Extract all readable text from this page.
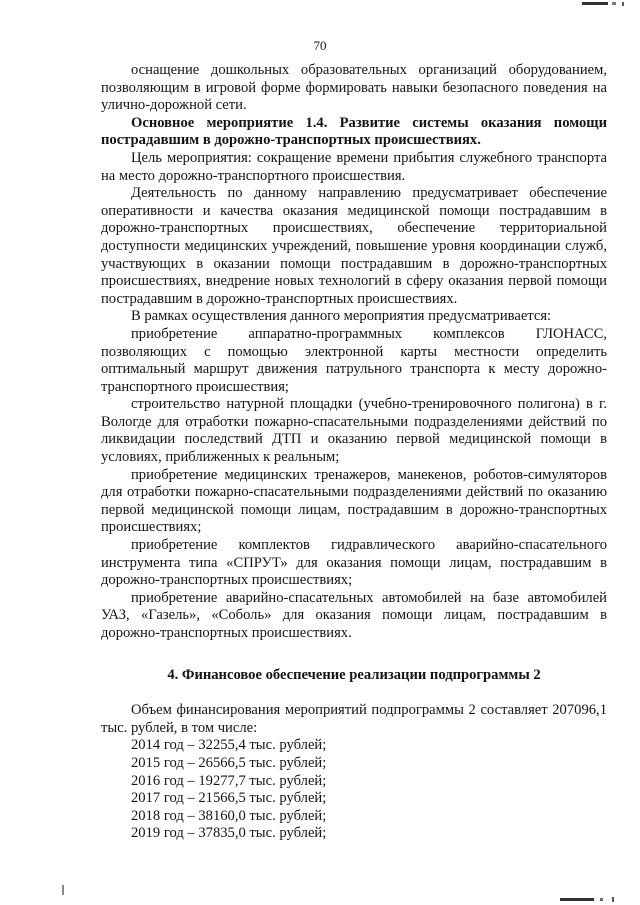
70

оснащение дошкольных образовательных организаций оборудованием, позволяющим в игровой форме формировать навыки безопасного поведения на улично-дорожной сети.

Основное мероприятие 1.4. Развитие системы оказания помощи пострадавшим в дорожно-транспортных происшествиях.

Цель мероприятия: сокращение времени прибытия служебного транспорта на место дорожно-транспортного происшествия.

Деятельность по данному направлению предусматривает обеспечение оперативности и качества оказания медицинской помощи пострадавшим в дорожно-транспортных происшествиях, обеспечение территориальной доступности медицинских учреждений, повышение уровня координации служб, участвующих в оказании помощи пострадавшим в дорожно-транспортных происшествиях, внедрение новых технологий в сферу оказания первой помощи пострадавшим в дорожно-транспортных происшествиях.

В рамках осуществления данного мероприятия предусматривается:

приобретение аппаратно-программных комплексов ГЛОНАСС, позволяющих с помощью электронной карты местности определить оптимальный маршрут движения патрульного транспорта к месту дорожно-транспортного происшествия;

строительство натурной площадки (учебно-тренировочного полигона) в г. Вологде для отработки пожарно-спасательными подразделениями действий по ликвидации последствий ДТП и оказанию первой медицинской помощи в условиях, приближенных к реальным;

приобретение медицинских тренажеров, манекенов, роботов-симуляторов для отработки пожарно-спасательными подразделениями действий по оказанию первой медицинской помощи лицам, пострадавшим в дорожно-транспортных происшествиях;

приобретение комплектов гидравлического аварийно-спасательного инструмента типа «СПРУТ» для оказания помощи лицам, пострадавшим в дорожно-транспортных происшествиях;

приобретение аварийно-спасательных автомобилей на базе автомобилей УАЗ, «Газель», «Соболь» для оказания помощи лицам, пострадавшим в дорожно-транспортных происшествиях.

4. Финансовое обеспечение реализации подпрограммы 2

Объем финансирования мероприятий подпрограммы 2 составляет 207096,1 тыс. рублей, в том числе:

2014 год – 32255,4 тыс. рублей;

2015 год – 26566,5 тыс. рублей;

2016 год – 19277,7 тыс. рублей;

2017 год – 21566,5 тыс. рублей;

2018 год – 38160,0 тыс. рублей;

2019 год – 37835,0 тыс. рублей;
